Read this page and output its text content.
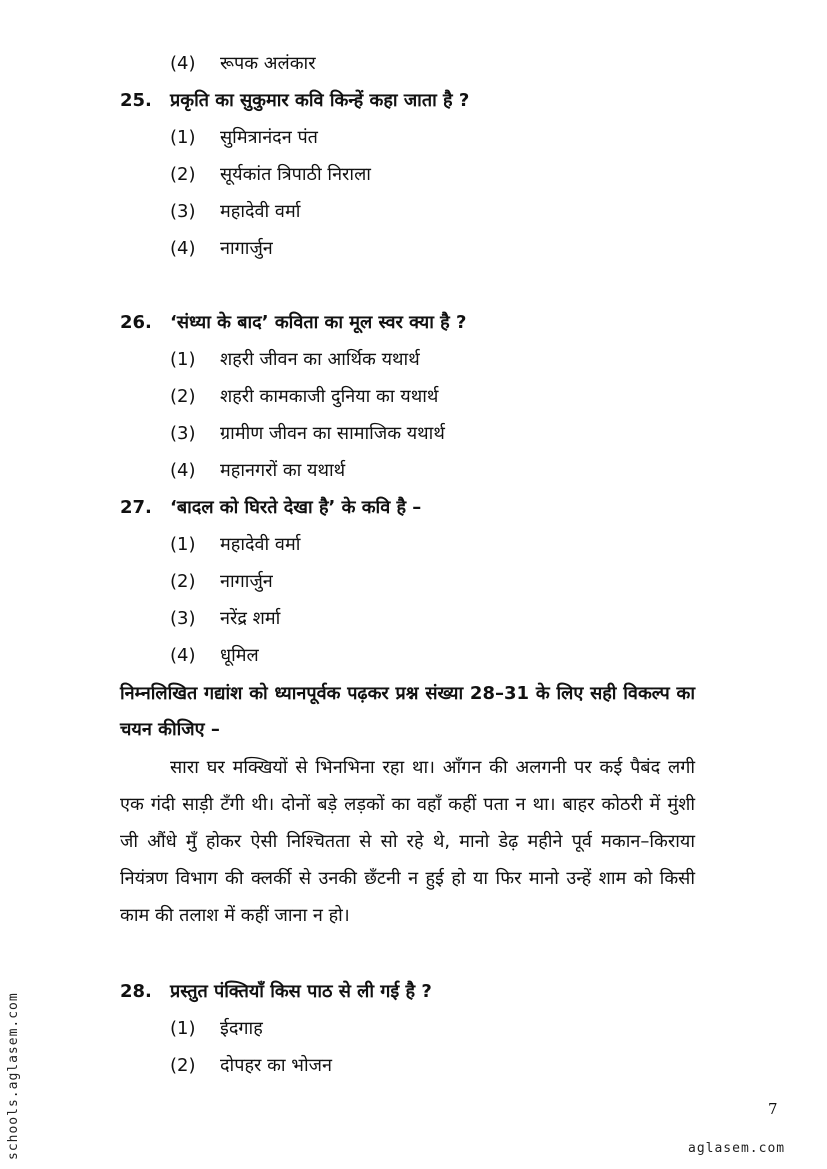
(4) रूपक अलंकार
25. प्रकृति का सुकुमार कवि किन्हें कहा जाता है ?
(1) सुमित्रानंदन पंत
(2) सूर्यकांत त्रिपाठी निराला
(3) महादेवी वर्मा
(4) नागार्जुन
26. ‘संध्या के बाद’ कविता का मूल स्वर क्या है ?
(1) शहरी जीवन का आर्थिक यथार्थ
(2) शहरी कामकाजी दुनिया का यथार्थ
(3) ग्रामीण जीवन का सामाजिक यथार्थ
(4) महानगरों का यथार्थ
27. ‘बादल को घिरते देखा है’ के कवि है –
(1) महादेवी वर्मा
(2) नागार्जुन
(3) नरेंद्र शर्मा
(4) धूमिल
निम्नलिखित गद्यांश को ध्यानपूर्वक पढ़कर प्रश्न संख्या 28–31 के लिए सही विकल्प का चयन कीजिए –
सारा घर मक्खियों से भिनभिना रहा था। आँगन की अलगनी पर कई पैबंद लगी एक गंदी साड़ी टँगी थी। दोनों बड़े लड़कों का वहाँ कहीं पता न था। बाहर कोठरी में मुंशी जी औंधे मुँ होकर ऐसी निश्चितता से सो रहे थे, मानो डेढ़ महीने पूर्व मकान–किराया नियंत्रण विभाग की क्लर्की से उनकी छँटनी न हुई हो या फिर मानो उन्हें शाम को किसी काम की तलाश में कहीं जाना न हो।
28. प्रस्तुत पंक्तियाँ किस पाठ से ली गई है ?
(1) ईदगाह
(2) दोपहर का भोजन
7
schools.aglasem.com	aglasem.com
